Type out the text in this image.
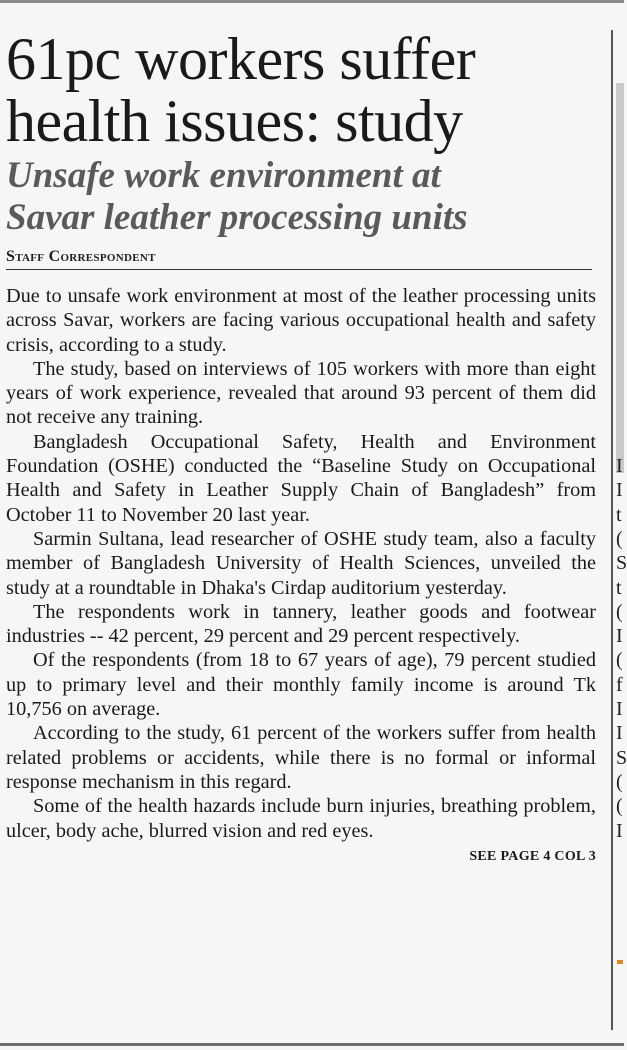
61pc workers suffer
health issues: study
Unsafe work environment at
Savar leather processing units
Staff Correspondent

Due to unsafe work environment at most of the leather processing units across Savar, workers are facing various occupational health and safety crisis, according to a study.

The study, based on interviews of 105 workers with more than eight years of work experience, revealed that around 93 percent of them did not receive any training.

Bangladesh Occupational Safety, Health and Environment Foundation (OSHE) conducted the “Baseline Study on Occupational Health and Safety in Leather Supply Chain of Bangladesh” from October 11 to November 20 last year.

Sarmin Sultana, lead researcher of OSHE study team, also a faculty member of Bangladesh University of Health Sciences, unveiled the study at a roundtable in Dhaka's Cirdap auditorium yesterday.

The respondents work in tannery, leather goods and footwear industries -- 42 percent, 29 percent and 29 percent respectively.

Of the respondents (from 18 to 67 years of age), 79 percent studied up to primary level and their monthly family income is around Tk 10,756 on average.

According to the study, 61 percent of the workers suffer from health related problems or accidents, while there is no formal or informal response mechanism in this regard.

Some of the health hazards include burn injuries, breathing problem, ulcer, body ache, blurred vision and red eyes.

SEE PAGE 4 COL 3
I
I
t
(
S
t
(
I
(
f
I
I
S
(
(
I
